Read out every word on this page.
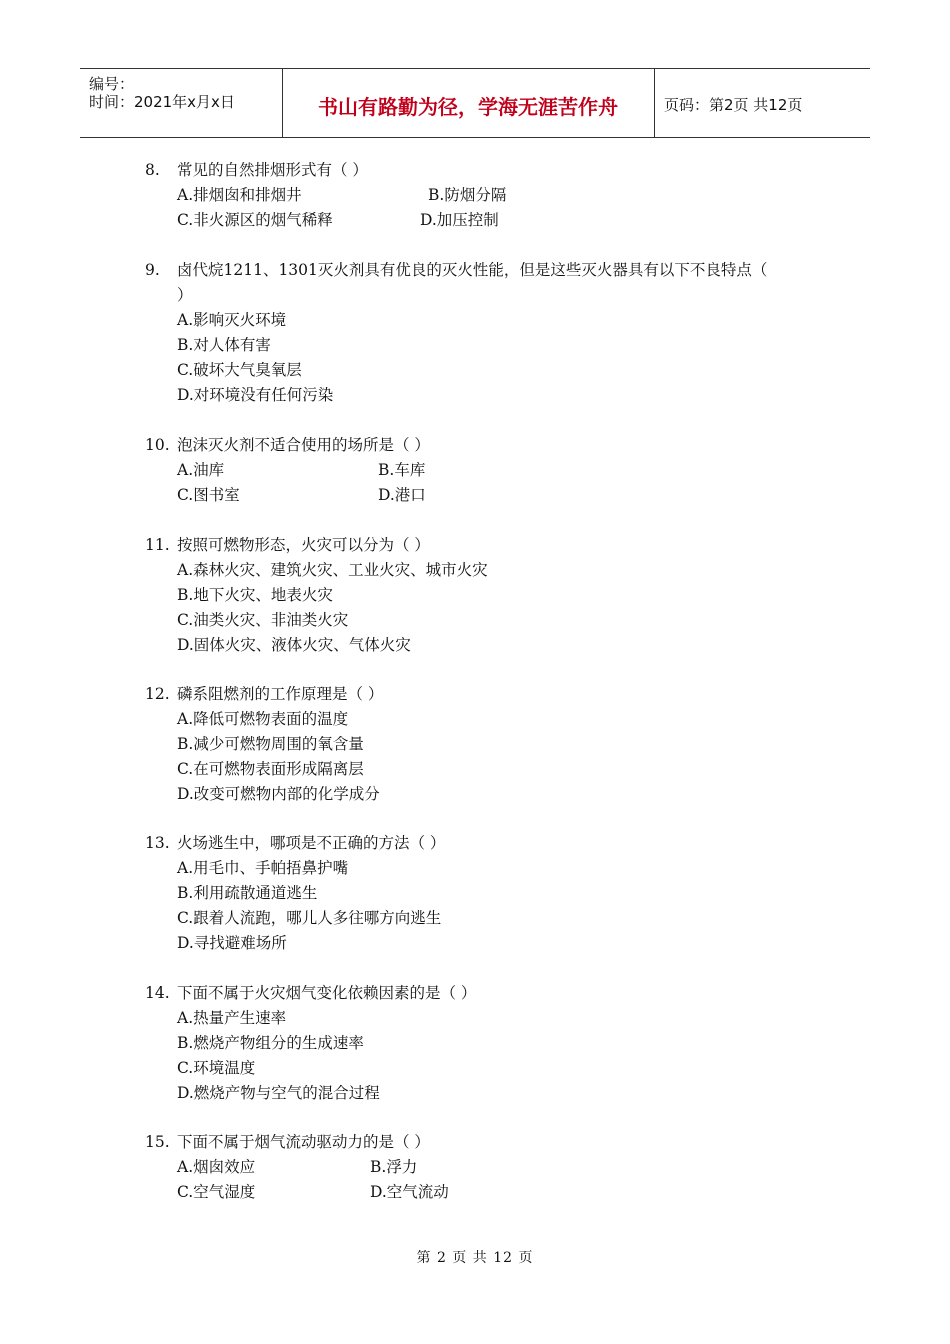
编号：
时间：2021年x月x日	书山有路勤为径，学海无涯苦作舟	页码：第2页 共12页
8. 常见的自然排烟形式有（ ）
A.排烟囱和排烟井	B.防烟分隔
C.非火源区的烟气稀释	D.加压控制
9. 卤代烷1211、1301灭火剂具有优良的灭火性能，但是这些灭火器具有以下不良特点（
）
A.影响灭火环境
B.对人体有害
C.破坏大气臭氧层
D.对环境没有任何污染
10. 泡沫灭火剂不适合使用的场所是（ ）
A.油库	B.车库
C.图书室	D.港口
11. 按照可燃物形态，火灾可以分为（ ）
A.森林火灾、建筑火灾、工业火灾、城市火灾
B.地下火灾、地表火灾
C.油类火灾、非油类火灾
D.固体火灾、液体火灾、气体火灾
12. 磷系阻燃剂的工作原理是（ ）
A.降低可燃物表面的温度
B.减少可燃物周围的氧含量
C.在可燃物表面形成隔离层
D.改变可燃物内部的化学成分
13. 火场逃生中，哪项是不正确的方法（ ）
A.用毛巾、手帕捂鼻护嘴
B.利用疏散通道逃生
C.跟着人流跑，哪儿人多往哪方向逃生
D.寻找避难场所
14. 下面不属于火灾烟气变化依赖因素的是（ ）
A.热量产生速率
B.燃烧产物组分的生成速率
C.环境温度
D.燃烧产物与空气的混合过程
15. 下面不属于烟气流动驱动力的是（ ）
A.烟囱效应	B.浮力
C.空气湿度	D.空气流动
第 2 页 共 12 页
